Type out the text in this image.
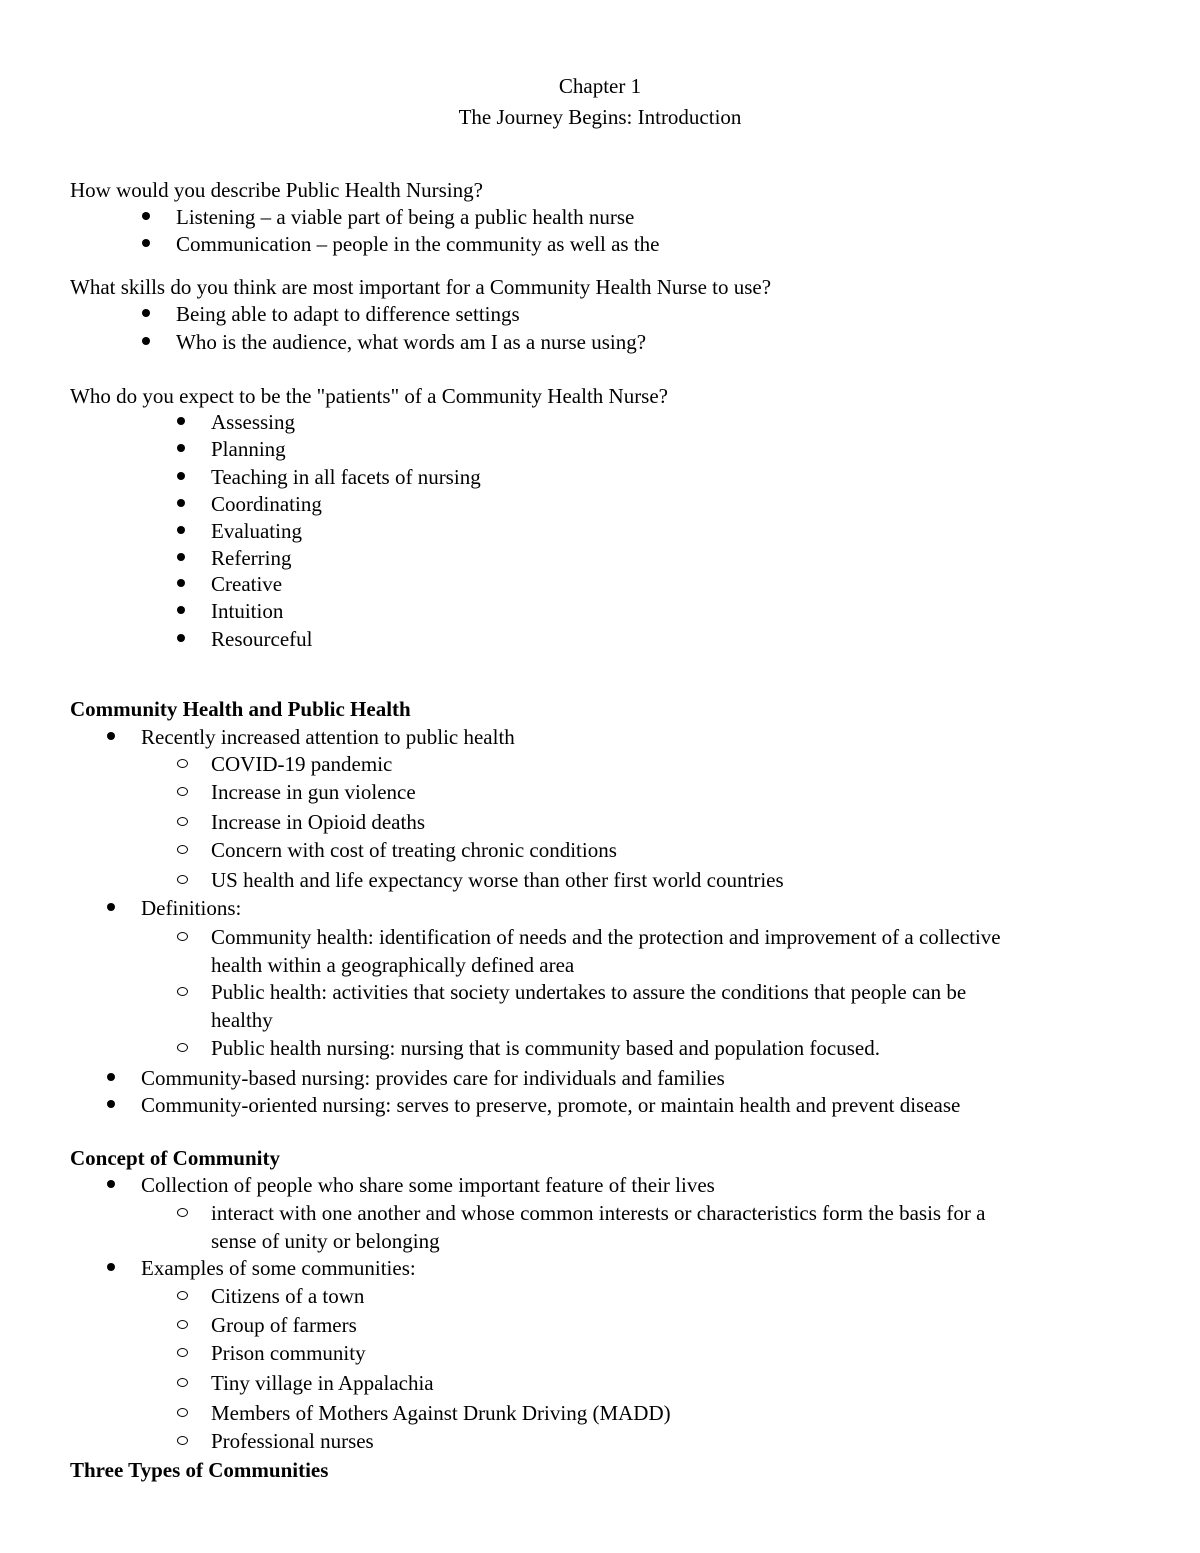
Chapter 1
The Journey Begins: Introduction
How would you describe Public Health Nursing?
Listening – a viable part of being a public health nurse
Communication – people in the community as well as the
What skills do you think are most important for a Community Health Nurse to use?
Being able to adapt to difference settings
Who is the audience, what words am I as a nurse using?
Who do you expect to be the "patients" of a Community Health Nurse?
Assessing
Planning
Teaching in all facets of nursing
Coordinating
Evaluating
Referring
Creative
Intuition
Resourceful
Community Health and Public Health
Recently increased attention to public health
COVID-19 pandemic
Increase in gun violence
Increase in Opioid deaths
Concern with cost of treating chronic conditions
US health and life expectancy worse than other first world countries
Definitions:
Community health: identification of needs and the protection and improvement of a collective
health within a geographically defined area
Public health: activities that society undertakes to assure the conditions that people can be
healthy
Public health nursing: nursing that is community based and population focused.
Community-based nursing: provides care for individuals and families
Community-oriented nursing: serves to preserve, promote, or maintain health and prevent disease
Concept of Community
Collection of people who share some important feature of their lives
interact with one another and whose common interests or characteristics form the basis for a
sense of unity or belonging
Examples of some communities:
Citizens of a town
Group of farmers
Prison community
Tiny village in Appalachia
Members of Mothers Against Drunk Driving (MADD)
Professional nurses
Three Types of Communities
